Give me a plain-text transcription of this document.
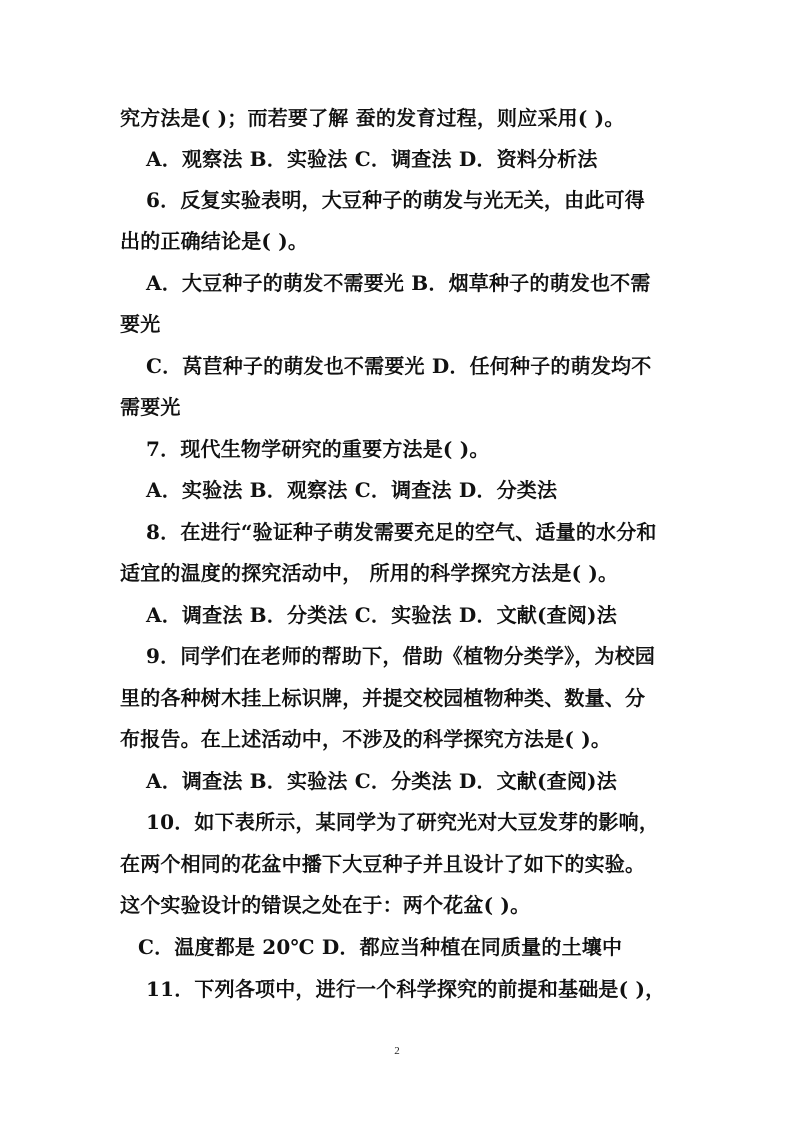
究方法是( )；而若要了解 蚕的发育过程，则应采用( )。
A．观察法 B．实验法 C．调查法 D．资料分析法
6．反复实验表明，大豆种子的萌发与光无关，由此可得
出的正确结论是( )。
A．大豆种子的萌发不需要光 B．烟草种子的萌发也不需
要光
C．莴苣种子的萌发也不需要光 D．任何种子的萌发均不
需要光
7．现代生物学研究的重要方法是( )。
A．实验法 B．观察法 C．调查法 D．分类法
8．在进行“验证种子萌发需要充足的空气、适量的水分和
适宜的温度的探究活动中， 所用的科学探究方法是( )。
A．调查法 B．分类法 C．实验法 D．文献(查阅)法
9．同学们在老师的帮助下，借助《植物分类学》，为校园
里的各种树木挂上标识牌，并提交校园植物种类、数量、分
布报告。在上述活动中，不涉及的科学探究方法是( )。
A．调查法 B．实验法 C．分类法 D．文献(查阅)法
10．如下表所示，某同学为了研究光对大豆发芽的影响，
在两个相同的花盆中播下大豆种子并且设计了如下的实验。
这个实验设计的错误之处在于：两个花盆( )。
C．温度都是 20℃ D．都应当种植在同质量的土壤中
11．下列各项中，进行一个科学探究的前提和基础是( )，
2
